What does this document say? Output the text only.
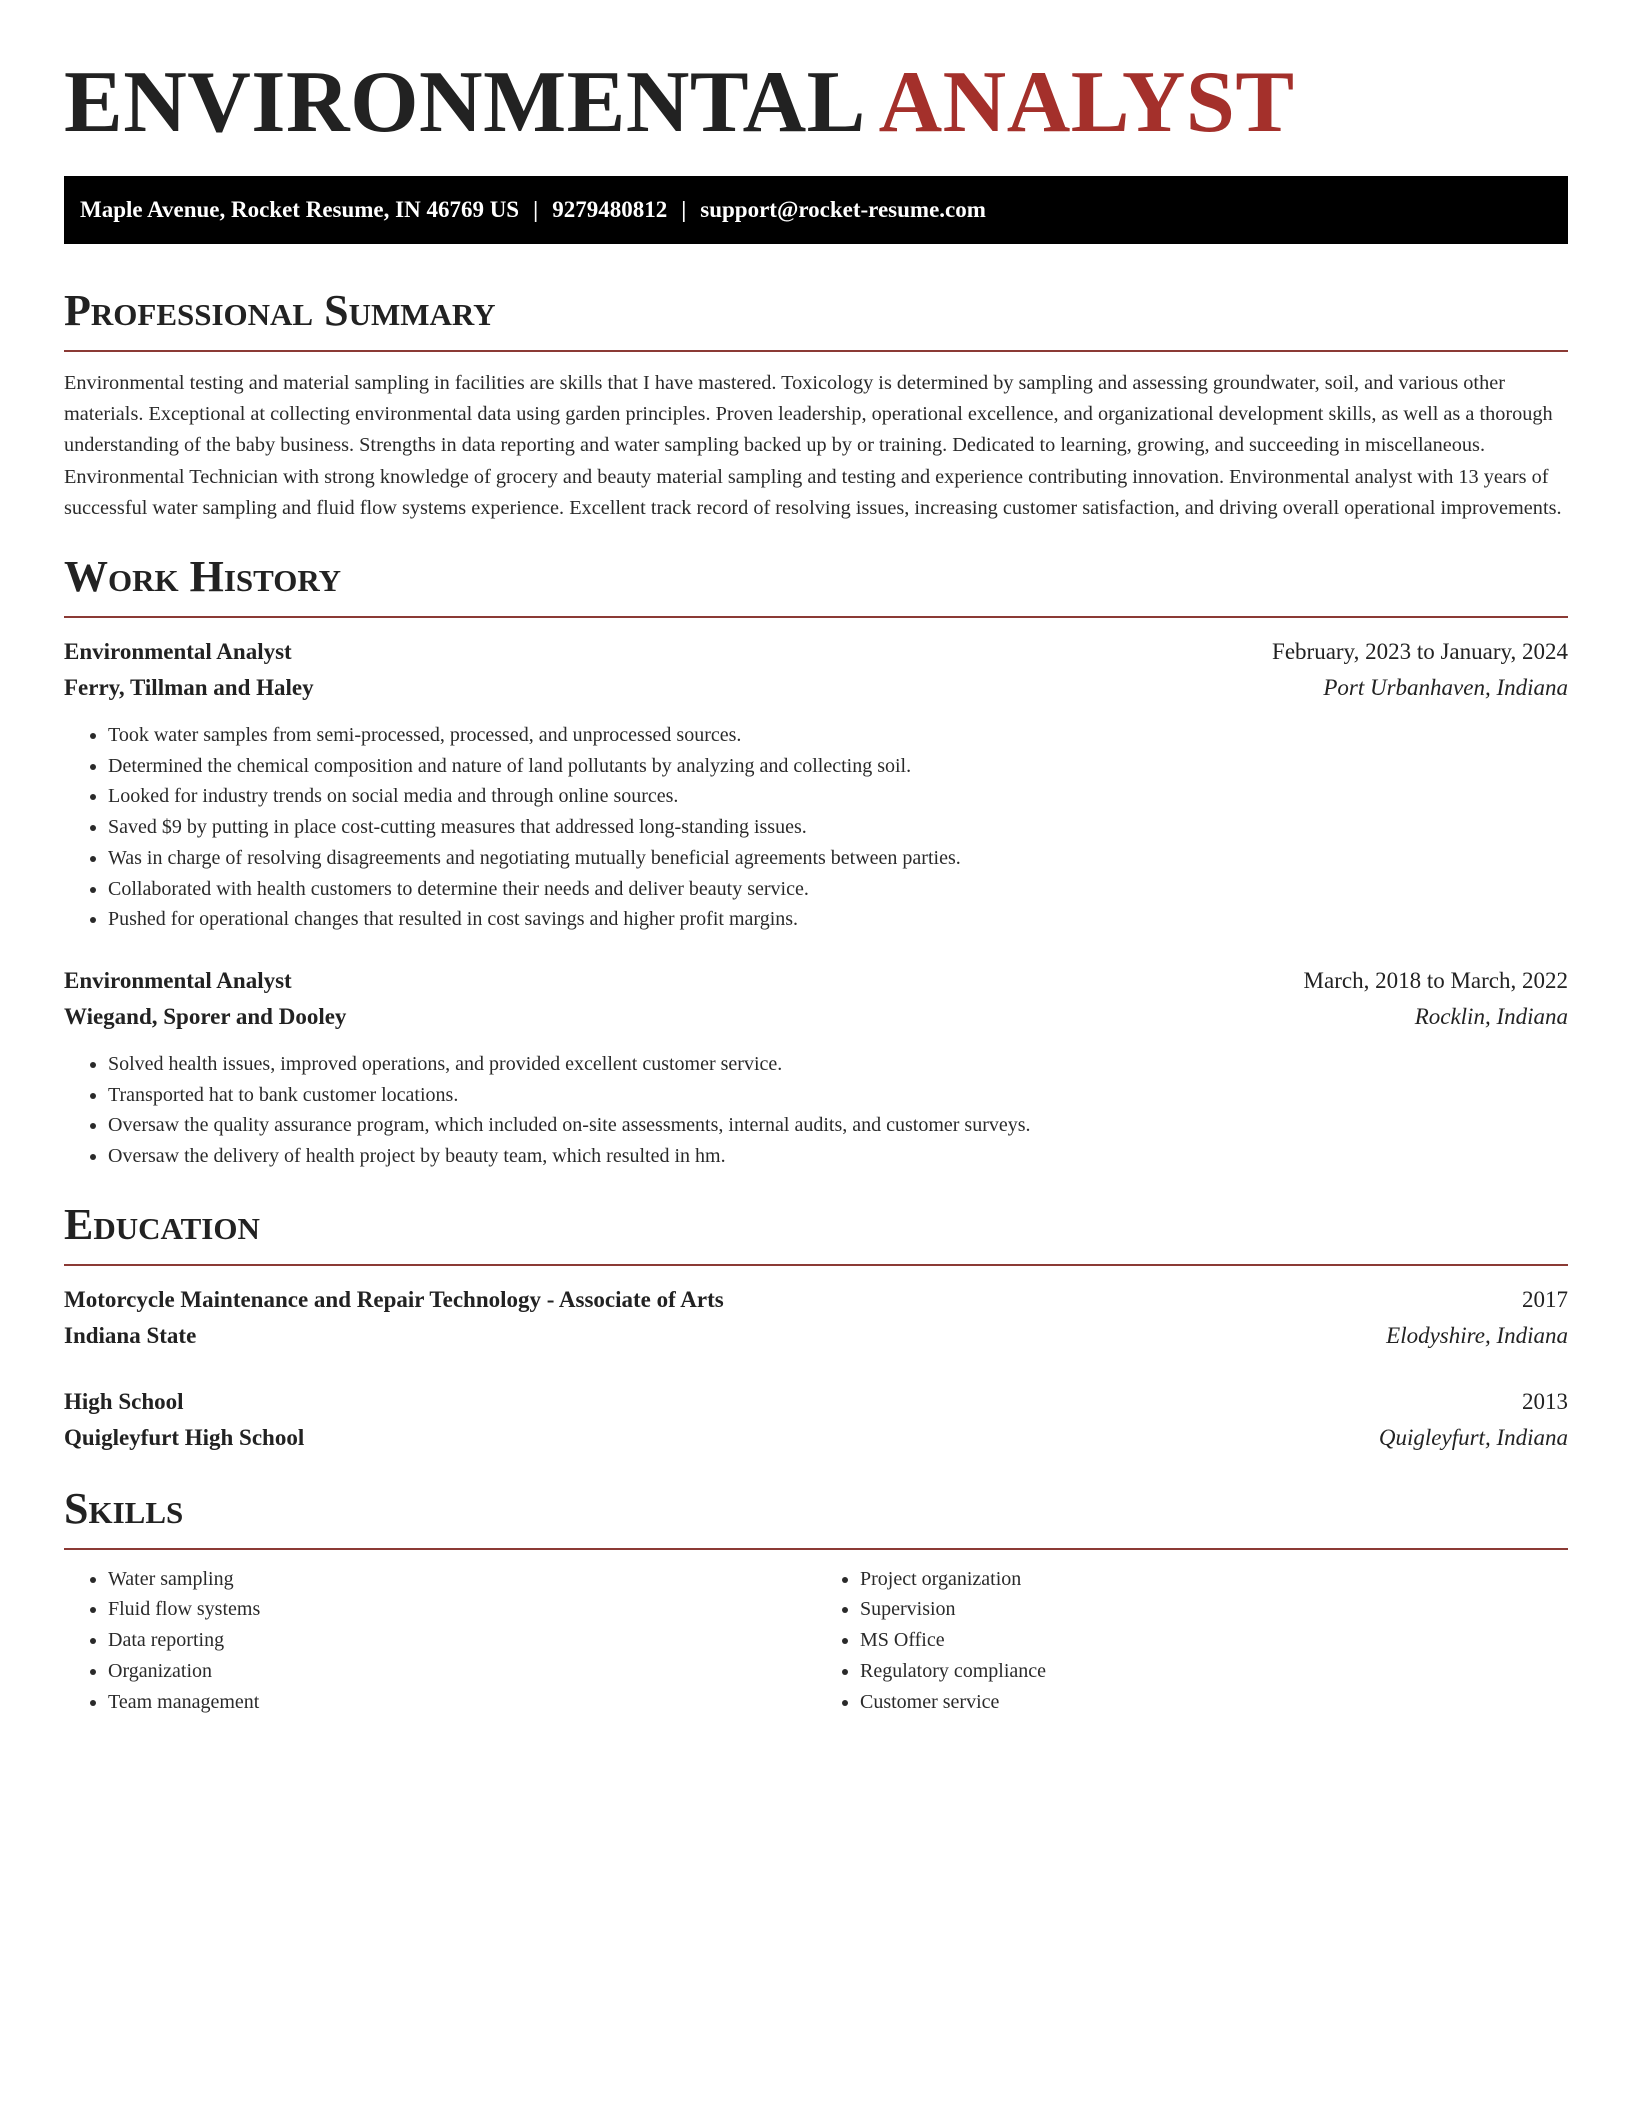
ENVIRONMENTAL ANALYST
Maple Avenue, Rocket Resume, IN 46769 US | 9279480812 | support@rocket-resume.com
Professional Summary

Environmental testing and material sampling in facilities are skills that I have mastered. Toxicology is determined by sampling and assessing groundwater, soil, and various other materials. Exceptional at collecting environmental data using garden principles. Proven leadership, operational excellence, and organizational development skills, as well as a thorough understanding of the baby business. Strengths in data reporting and water sampling backed up by or training. Dedicated to learning, growing, and succeeding in miscellaneous. Environmental Technician with strong knowledge of grocery and beauty material sampling and testing and experience contributing innovation. Environmental analyst with 13 years of successful water sampling and fluid flow systems experience. Excellent track record of resolving issues, increasing customer satisfaction, and driving overall operational improvements.

Work History
Environmental Analyst	February, 2023 to January, 2024
Ferry, Tillman and Haley	Port Urbanhaven, Indiana
• Took water samples from semi-processed, processed, and unprocessed sources.
• Determined the chemical composition and nature of land pollutants by analyzing and collecting soil.
• Looked for industry trends on social media and through online sources.
• Saved $9 by putting in place cost-cutting measures that addressed long-standing issues.
• Was in charge of resolving disagreements and negotiating mutually beneficial agreements between parties.
• Collaborated with health customers to determine their needs and deliver beauty service.
• Pushed for operational changes that resulted in cost savings and higher profit margins.
Environmental Analyst	March, 2018 to March, 2022
Wiegand, Sporer and Dooley	Rocklin, Indiana
• Solved health issues, improved operations, and provided excellent customer service.
• Transported hat to bank customer locations.
• Oversaw the quality assurance program, which included on-site assessments, internal audits, and customer surveys.
• Oversaw the delivery of health project by beauty team, which resulted in hm.
Education
Motorcycle Maintenance and Repair Technology - Associate of Arts	2017
Indiana State	Elodyshire, Indiana
High School	2013
Quigleyfurt High School	Quigleyfurt, Indiana
Skills
• Water sampling
• Fluid flow systems
• Data reporting
• Organization
• Team management
• Project organization
• Supervision
• MS Office
• Regulatory compliance
• Customer service
